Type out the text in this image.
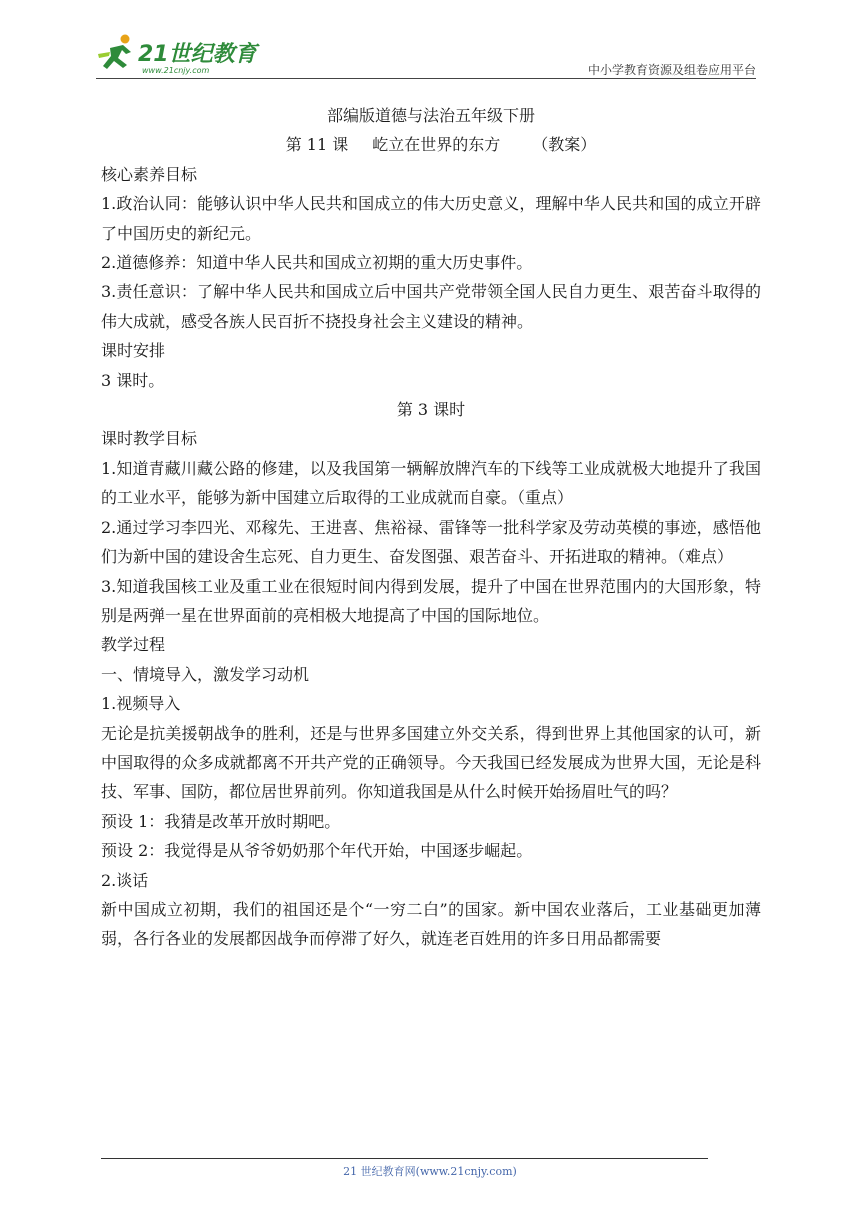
21世纪教育
www.21cnjy.com	中小学教育资源及组卷应用平台

部编版道德与法治五年级下册

第 11 课 屹立在世界的东方 （教案）

核心素养目标

1.政治认同：能够认识中华人民共和国成立的伟大历史意义，理解中华人民共和国的成立开辟了中国历史的新纪元。

2.道德修养：知道中华人民共和国成立初期的重大历史事件。

3.责任意识：了解中华人民共和国成立后中国共产党带领全国人民自力更生、艰苦奋斗取得的伟大成就，感受各族人民百折不挠投身社会主义建设的精神。

课时安排

3 课时。

第 3 课时

课时教学目标

1.知道青藏川藏公路的修建，以及我国第一辆解放牌汽车的下线等工业成就极大地提升了我国的工业水平，能够为新中国建立后取得的工业成就而自豪。（重点）

2.通过学习李四光、邓稼先、王进喜、焦裕禄、雷锋等一批科学家及劳动英模的事迹，感悟他们为新中国的建设舍生忘死、自力更生、奋发图强、艰苦奋斗、开拓进取的精神。（难点）

3.知道我国核工业及重工业在很短时间内得到发展，提升了中国在世界范围内的大国形象，特别是两弹一星在世界面前的亮相极大地提高了中国的国际地位。

教学过程

一、情境导入，激发学习动机

1.视频导入

无论是抗美援朝战争的胜利，还是与世界多国建立外交关系，得到世界上其他国家的认可，新中国取得的众多成就都离不开共产党的正确领导。今天我国已经发展成为世界大国，无论是科技、军事、国防，都位居世界前列。你知道我国是从什么时候开始扬眉吐气的吗？

预设 1：我猜是改革开放时期吧。

预设 2：我觉得是从爷爷奶奶那个年代开始，中国逐步崛起。

2.谈话

新中国成立初期，我们的祖国还是个“一穷二白”的国家。新中国农业落后，工业基础更加薄弱，各行各业的发展都因战争而停滞了好久，就连老百姓用的许多日用品都需要

21 世纪教育网(www.21cnjy.com)
